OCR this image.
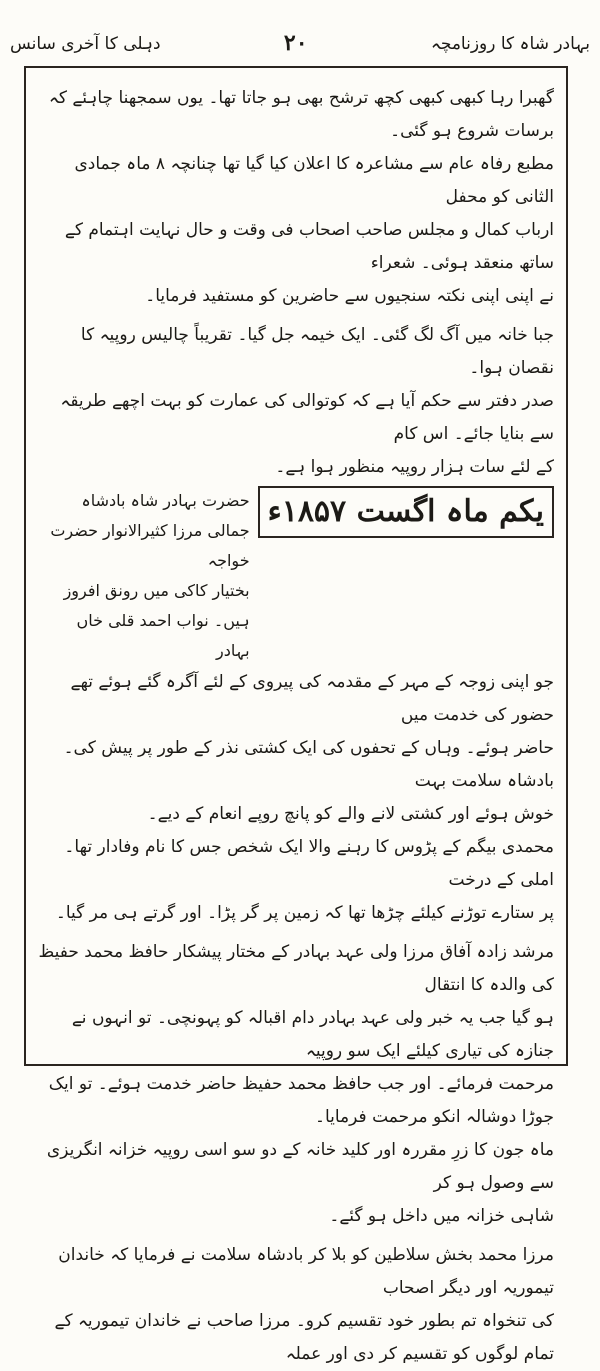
دہلی کا آخری سانس	۲۰	بہادر شاہ کا روزنامچہ

گھبرا رہا کبھی کبھی کچھ ترشح بھی ہو جاتا تھا۔ یوں سمجھنا چاہئے کہ برسات شروع ہو گئی۔

مطبع رفاہ عام سے مشاعرہ کا اعلان کیا گیا تھا چنانچہ ۸ ماہ جمادی الثانی کو محفل

ارباب کمال و مجلس صاحب اصحاب فی وقت و حال نہایت اہتمام کے ساتھ منعقد ہوئی۔ شعراء

نے اپنی اپنی نکتہ سنجیوں سے حاضرین کو مستفید فرمایا۔

جبا خانہ میں آگ لگ گئی۔ ایک خیمہ جل گیا۔ تقریباً چالیس روپیہ کا نقصان ہوا۔

صدر دفتر سے حکم آیا ہے کہ کوتوالی کی عمارت کو بہت اچھے طریقہ سے بنایا جائے۔ اس کام

کے لئے سات ہزار روپیہ منظور ہوا ہے۔

یکم ماہ اگست ۱۸۵۷ء

حضرت بہادر شاہ بادشاہ جمالی مرزا کثیرالانوار حضرت خواجہ

بختیار کاکی میں رونق افروز ہیں۔ نواب احمد قلی خاں بہادر

جو اپنی زوجہ کے مہر کے مقدمہ کی پیروی کے لئے آگرہ گئے ہوئے تھے حضور کی خدمت میں

حاضر ہوئے۔ وہاں کے تحفوں کی ایک کشتی نذر کے طور پر پیش کی۔ بادشاہ سلامت بہت

خوش ہوئے اور کشتی لانے والے کو پانچ روپے انعام کے دیے۔

محمدی بیگم کے پڑوس کا رہنے والا ایک شخص جس کا نام وفادار تھا۔ املی کے درخت

پر ستارے توڑنے کیلئے چڑھا تھا کہ زمین پر گر پڑا۔ اور گرتے ہی مر گیا۔

مرشد زادہ آفاق مرزا ولی عہد بہادر کے مختار پیشکار حافظ محمد حفیظ کی والدہ کا انتقال

ہو گیا جب یہ خبر ولی عہد بہادر دام اقبالہ کو پہونچی۔ تو انہوں نے جنازہ کی تیاری کیلئے ایک سو روپیہ

مرحمت فرمائے۔ اور جب حافظ محمد حفیظ حاضر خدمت ہوئے۔ تو ایک جوڑا دوشالہ انکو مرحمت فرمایا۔

ماہ جون کا زرِ مقررہ اور کلید خانہ کے دو سو اسی روپیہ خزانہ انگریزی سے وصول ہو کر

شاہی خزانہ میں داخل ہو گئے۔

مرزا محمد بخش سلاطین کو بلا کر بادشاہ سلامت نے فرمایا کہ خاندان تیموریہ اور دیگر اصحاب

کی تنخواہ تم بطور خود تقسیم کرو۔ مرزا صاحب نے خاندان تیموریہ کے تمام لوگوں کو تقسیم کر دی اور عملہ
